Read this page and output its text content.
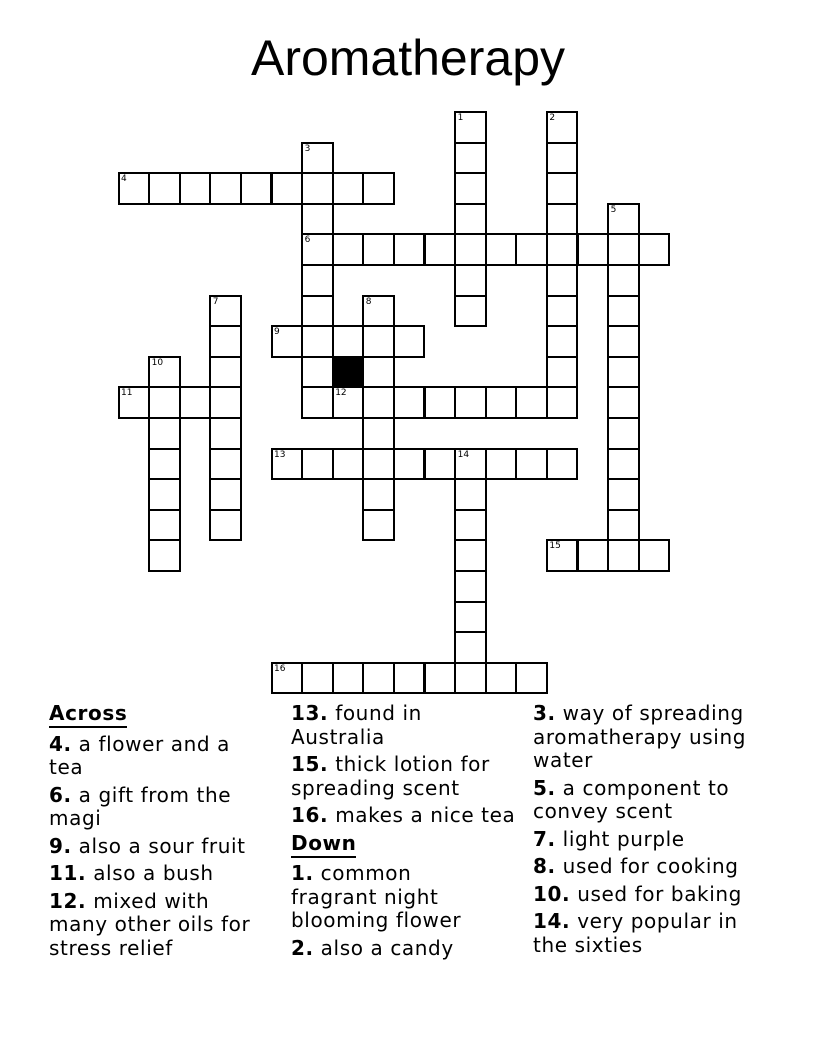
Aromatherapy
1	2
3
4
5
6
7	8
9
10
11	12
13	14
15
16
Across
4. a flower and a
tea
6. a gift from the
magi
9. also a sour fruit
11. also a bush
12. mixed with
many other oils for
stress relief
13. found in
Australia
15. thick lotion for
spreading scent
16. makes a nice tea
Down
1. common
fragrant night
blooming flower
2. also a candy
3. way of spreading
aromatherapy using
water
5. a component to
convey scent
7. light purple
8. used for cooking
10. used for baking
14. very popular in
the sixties
